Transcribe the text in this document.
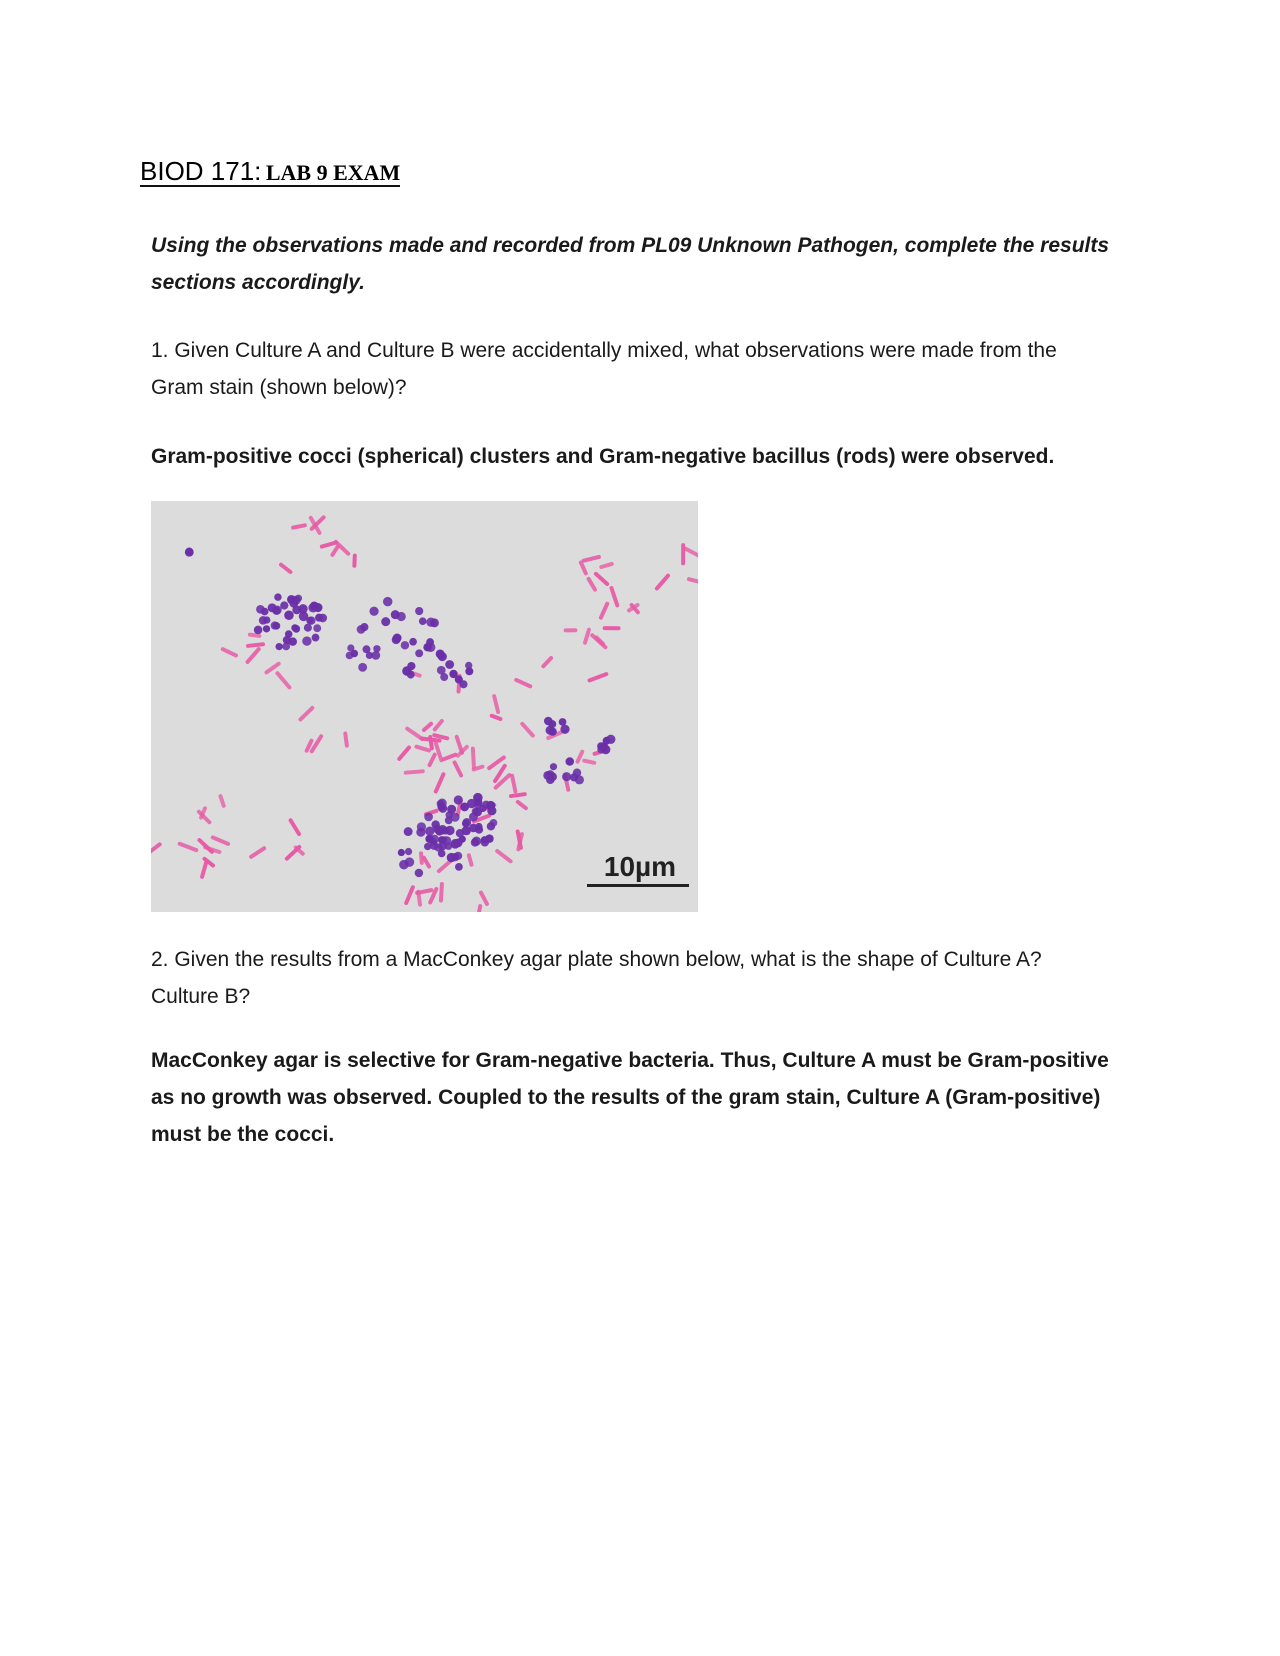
BIOD 171: LAB 9 EXAM
Using the observations made and recorded from PL09 Unknown Pathogen, complete the results sections accordingly.
1. Given Culture A and Culture B were accidentally mixed, what observations were made from the Gram stain (shown below)?
Gram-positive cocci (spherical) clusters and Gram-negative bacillus (rods) were observed.
10µm
2. Given the results from a MacConkey agar plate shown below, what is the shape of Culture A? Culture B?
MacConkey agar is selective for Gram-negative bacteria. Thus, Culture A must be Gram-positive as no growth was observed. Coupled to the results of the gram stain, Culture A (Gram-positive) must be the cocci.
